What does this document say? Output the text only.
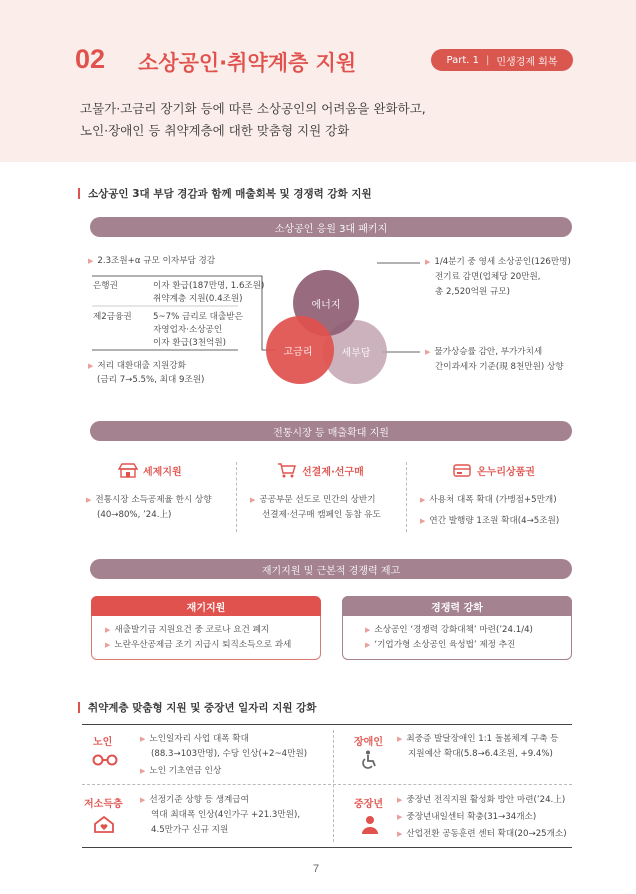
02 소상공인·취약계층 지원	Part. 1 | 민생경제 회복
고물가·고금리 장기화 등에 따른 소상공인의 어려움을 완화하고,
노인·장애인 등 취약계층에 대한 맞춤형 지원 강화
소상공인 3대 부담 경감과 함께 매출회복 및 경쟁력 강화 지원
소상공인 응원 3대 패키지
에너지
고금리	세부담
▶ 2.3조원+α 규모 이자부담 경감
은행권	이자 환급(187만명, 1.6조원)
취약계층 지원(0.4조원)
제2금융권 5~7% 금리로 대출받은
자영업자·소상공인
이자 환급(3천억원)
▶ 저리 대환대출 지원강화
(금리 7→5.5%, 최대 9조원)
▶ 1/4분기 중 영세 소상공인(126만명)
전기료 감면(업체당 20만원,
총 2,520억원 규모)
▶ 물가상승률 감안, 부가가치세
간이과세자 기준(現 8천만원) 상향
전통시장 등 매출확대 지원
세제지원	선결제·선구매	온누리상품권
▶ 전통시장 소득공제율 한시 상향
(40→80%, ’24.上)
▶ 공공부문 선도로 민간의 상반기
선결제·선구매 캠페인 동참 유도
▶ 사용처 대폭 확대 (가맹점+5만개)
▶ 연간 발행량 1조원 확대(4→5조원)
재기지원 및 근본적 경쟁력 제고
재기지원
▶ 새출발기금 지원요건 중 코로나 요건 폐지
▶ 노란우산공제금 조기 지급시 퇴직소득으로 과세
경쟁력 강화
▶ 소상공인 ‘경쟁력 강화대책’ 마련(’24.1/4)
▶ ‘기업가형 소상공인 육성법’ 제정 추진
취약계층 맞춤형 지원 및 중장년 일자리 지원 강화
노인	▶ 노인일자리 사업 대폭 확대
(88.3→103만명), 수당 인상(+2~4만원)
▶ 노인 기초연금 인상
장애인 ▶ 최중증 발달장애인 1:1 돌봄체계 구축 등
지원예산 확대(5.8→6.4조원, +9.4%)
저소득층 ▶ 선정기준 상향 등 생계급여
역대 최대폭 인상(4인가구 +21.3만원),
4.5만가구 신규 지원
중장년 ▶ 중장년 전직지원 활성화 방안 마련(’24.上)
▶ 중장년내일센터 확충(31→34개소)
▶ 산업전환 공동훈련 센터 확대(20→25개소)
7
